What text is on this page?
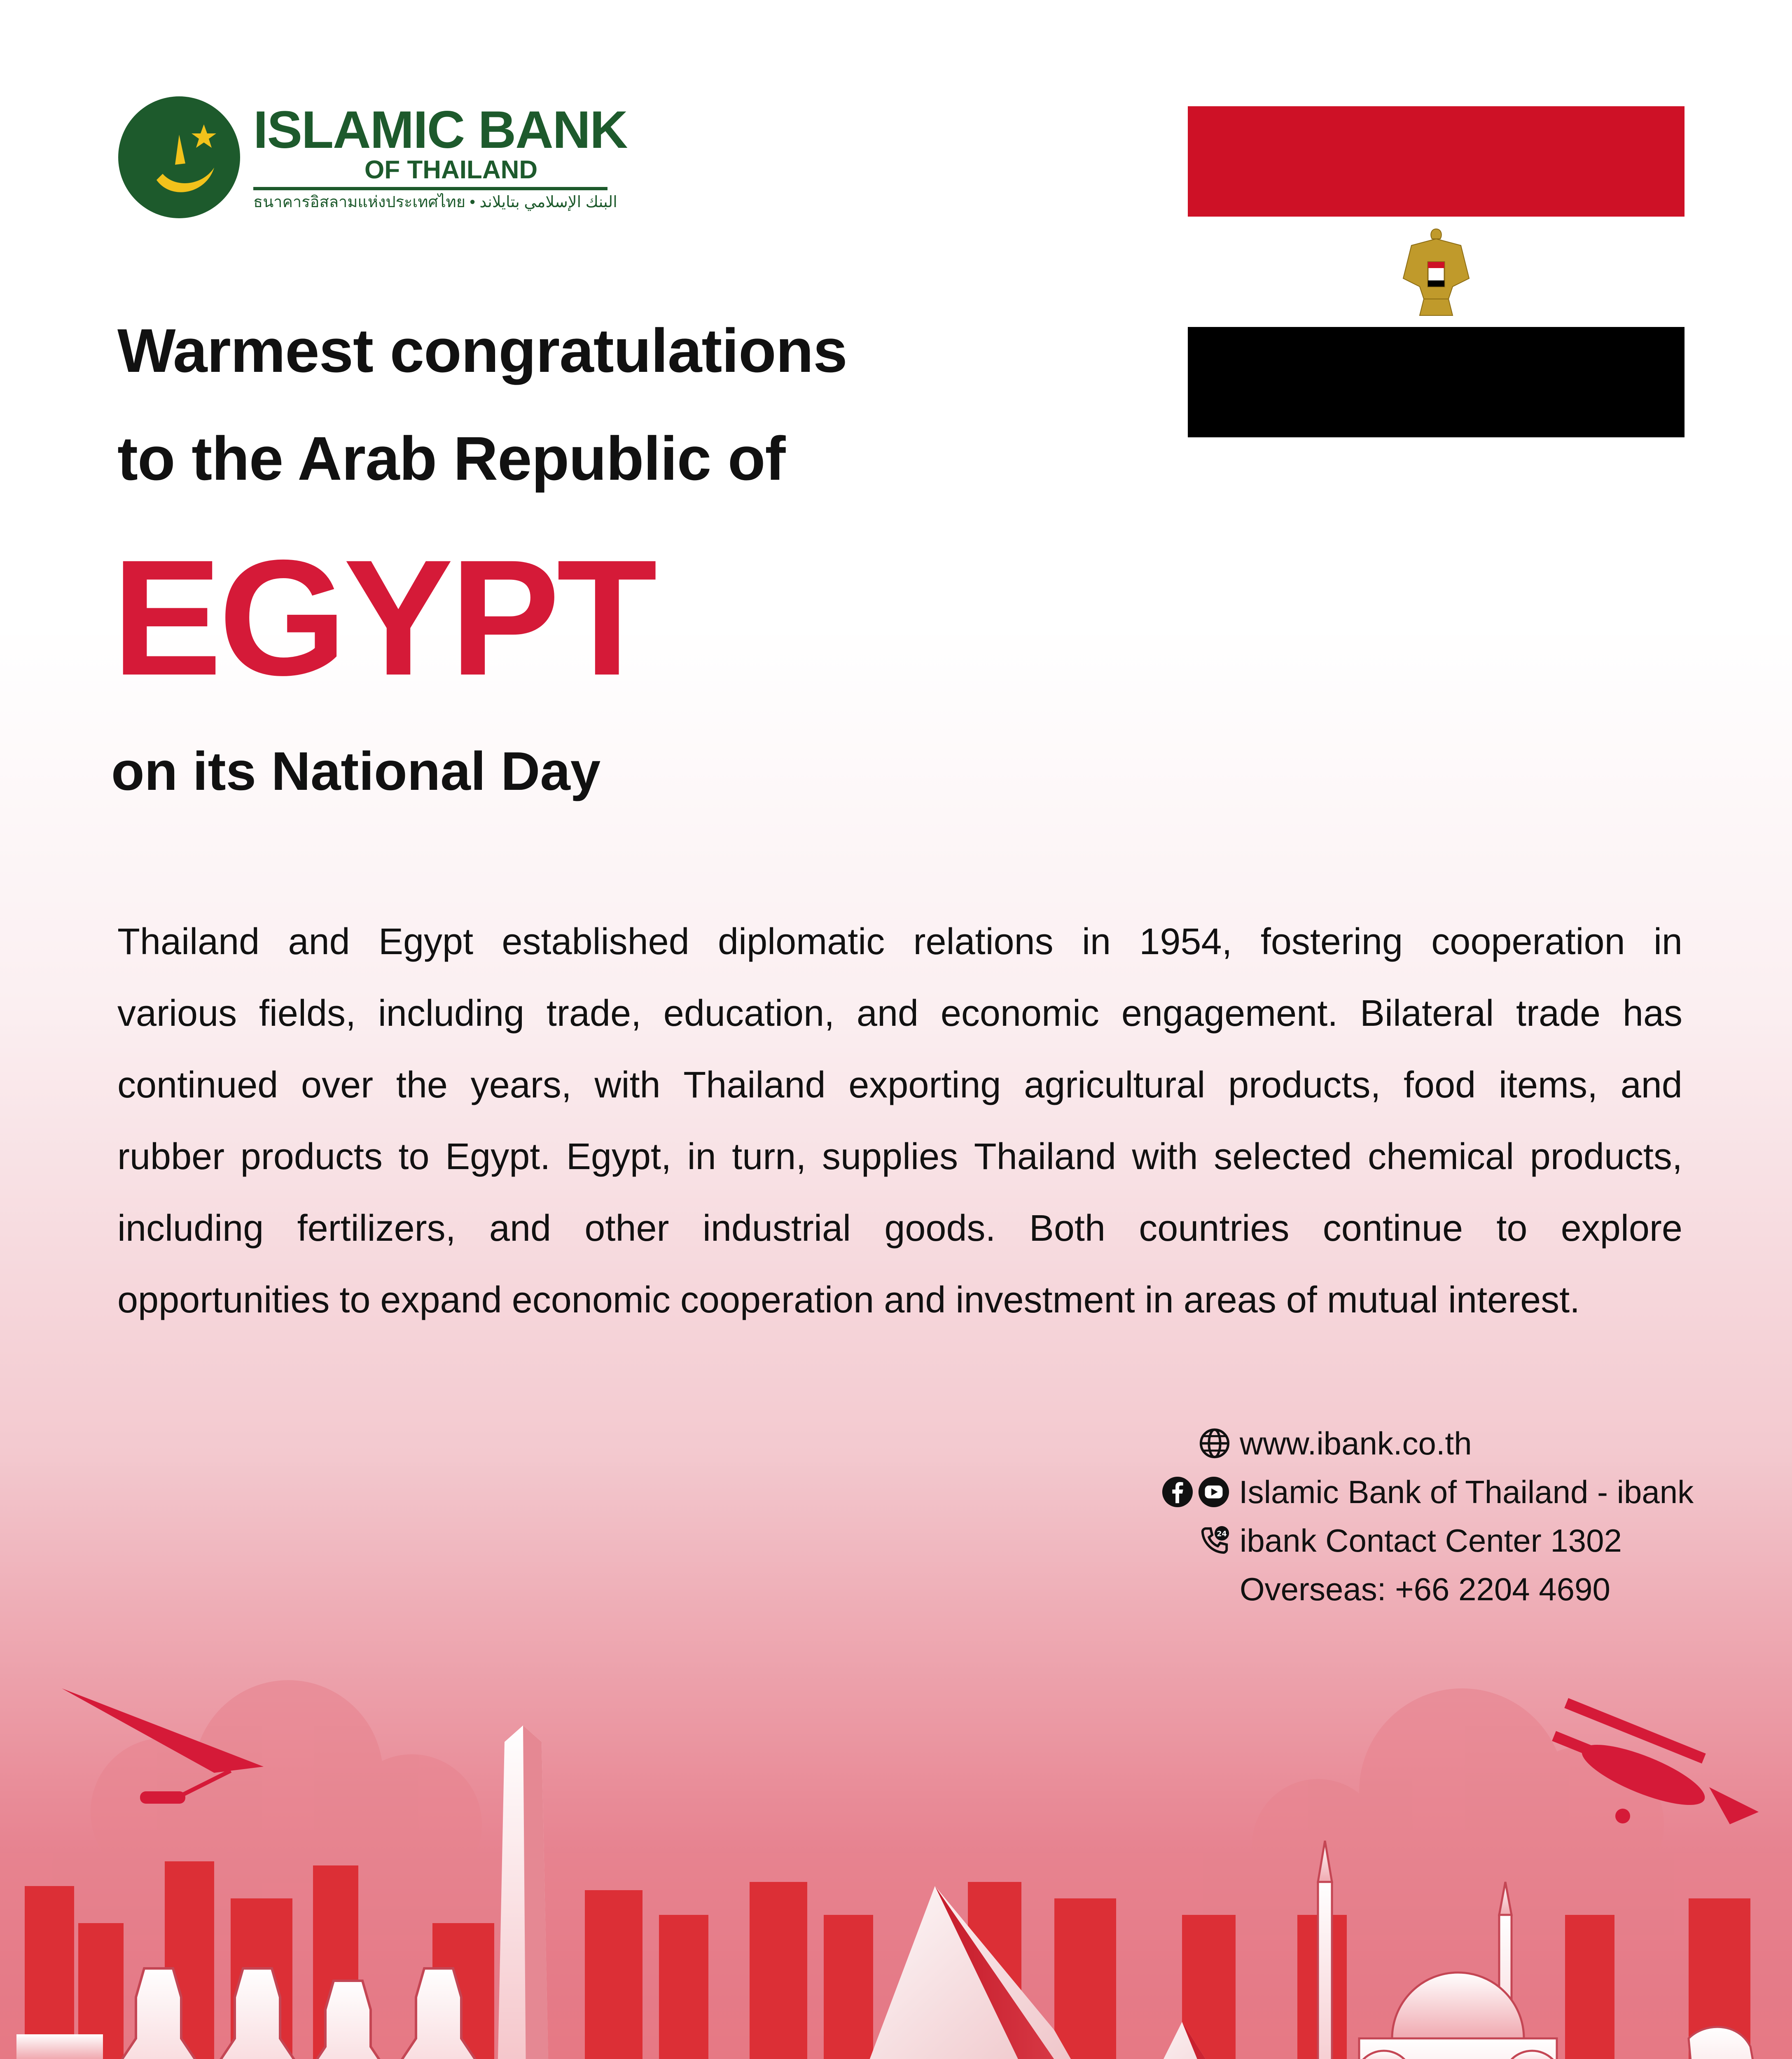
ISLAMIC BANK
OF THAILAND
ธนาคารอิสลามแห่งประเทศไทย • البنك الإسلامي بتايلاند
Warmest congratulations
to the Arab Republic of
EGYPT
on its National Day
Thailand and Egypt established diplomatic relations in 1954, fostering cooperation in
various fields, including trade, education, and economic engagement. Bilateral trade has
continued over the years, with Thailand exporting agricultural products, food items, and
rubber products to Egypt. Egypt, in turn, supplies Thailand with selected chemical products,
including fertilizers, and other industrial goods. Both countries continue to explore
opportunities to expand economic cooperation and investment in areas of mutual interest.
www.ibank.co.th
Islamic Bank of Thailand - ibank
24 ibank Contact Center 1302
Overseas: +66 2204 4690
